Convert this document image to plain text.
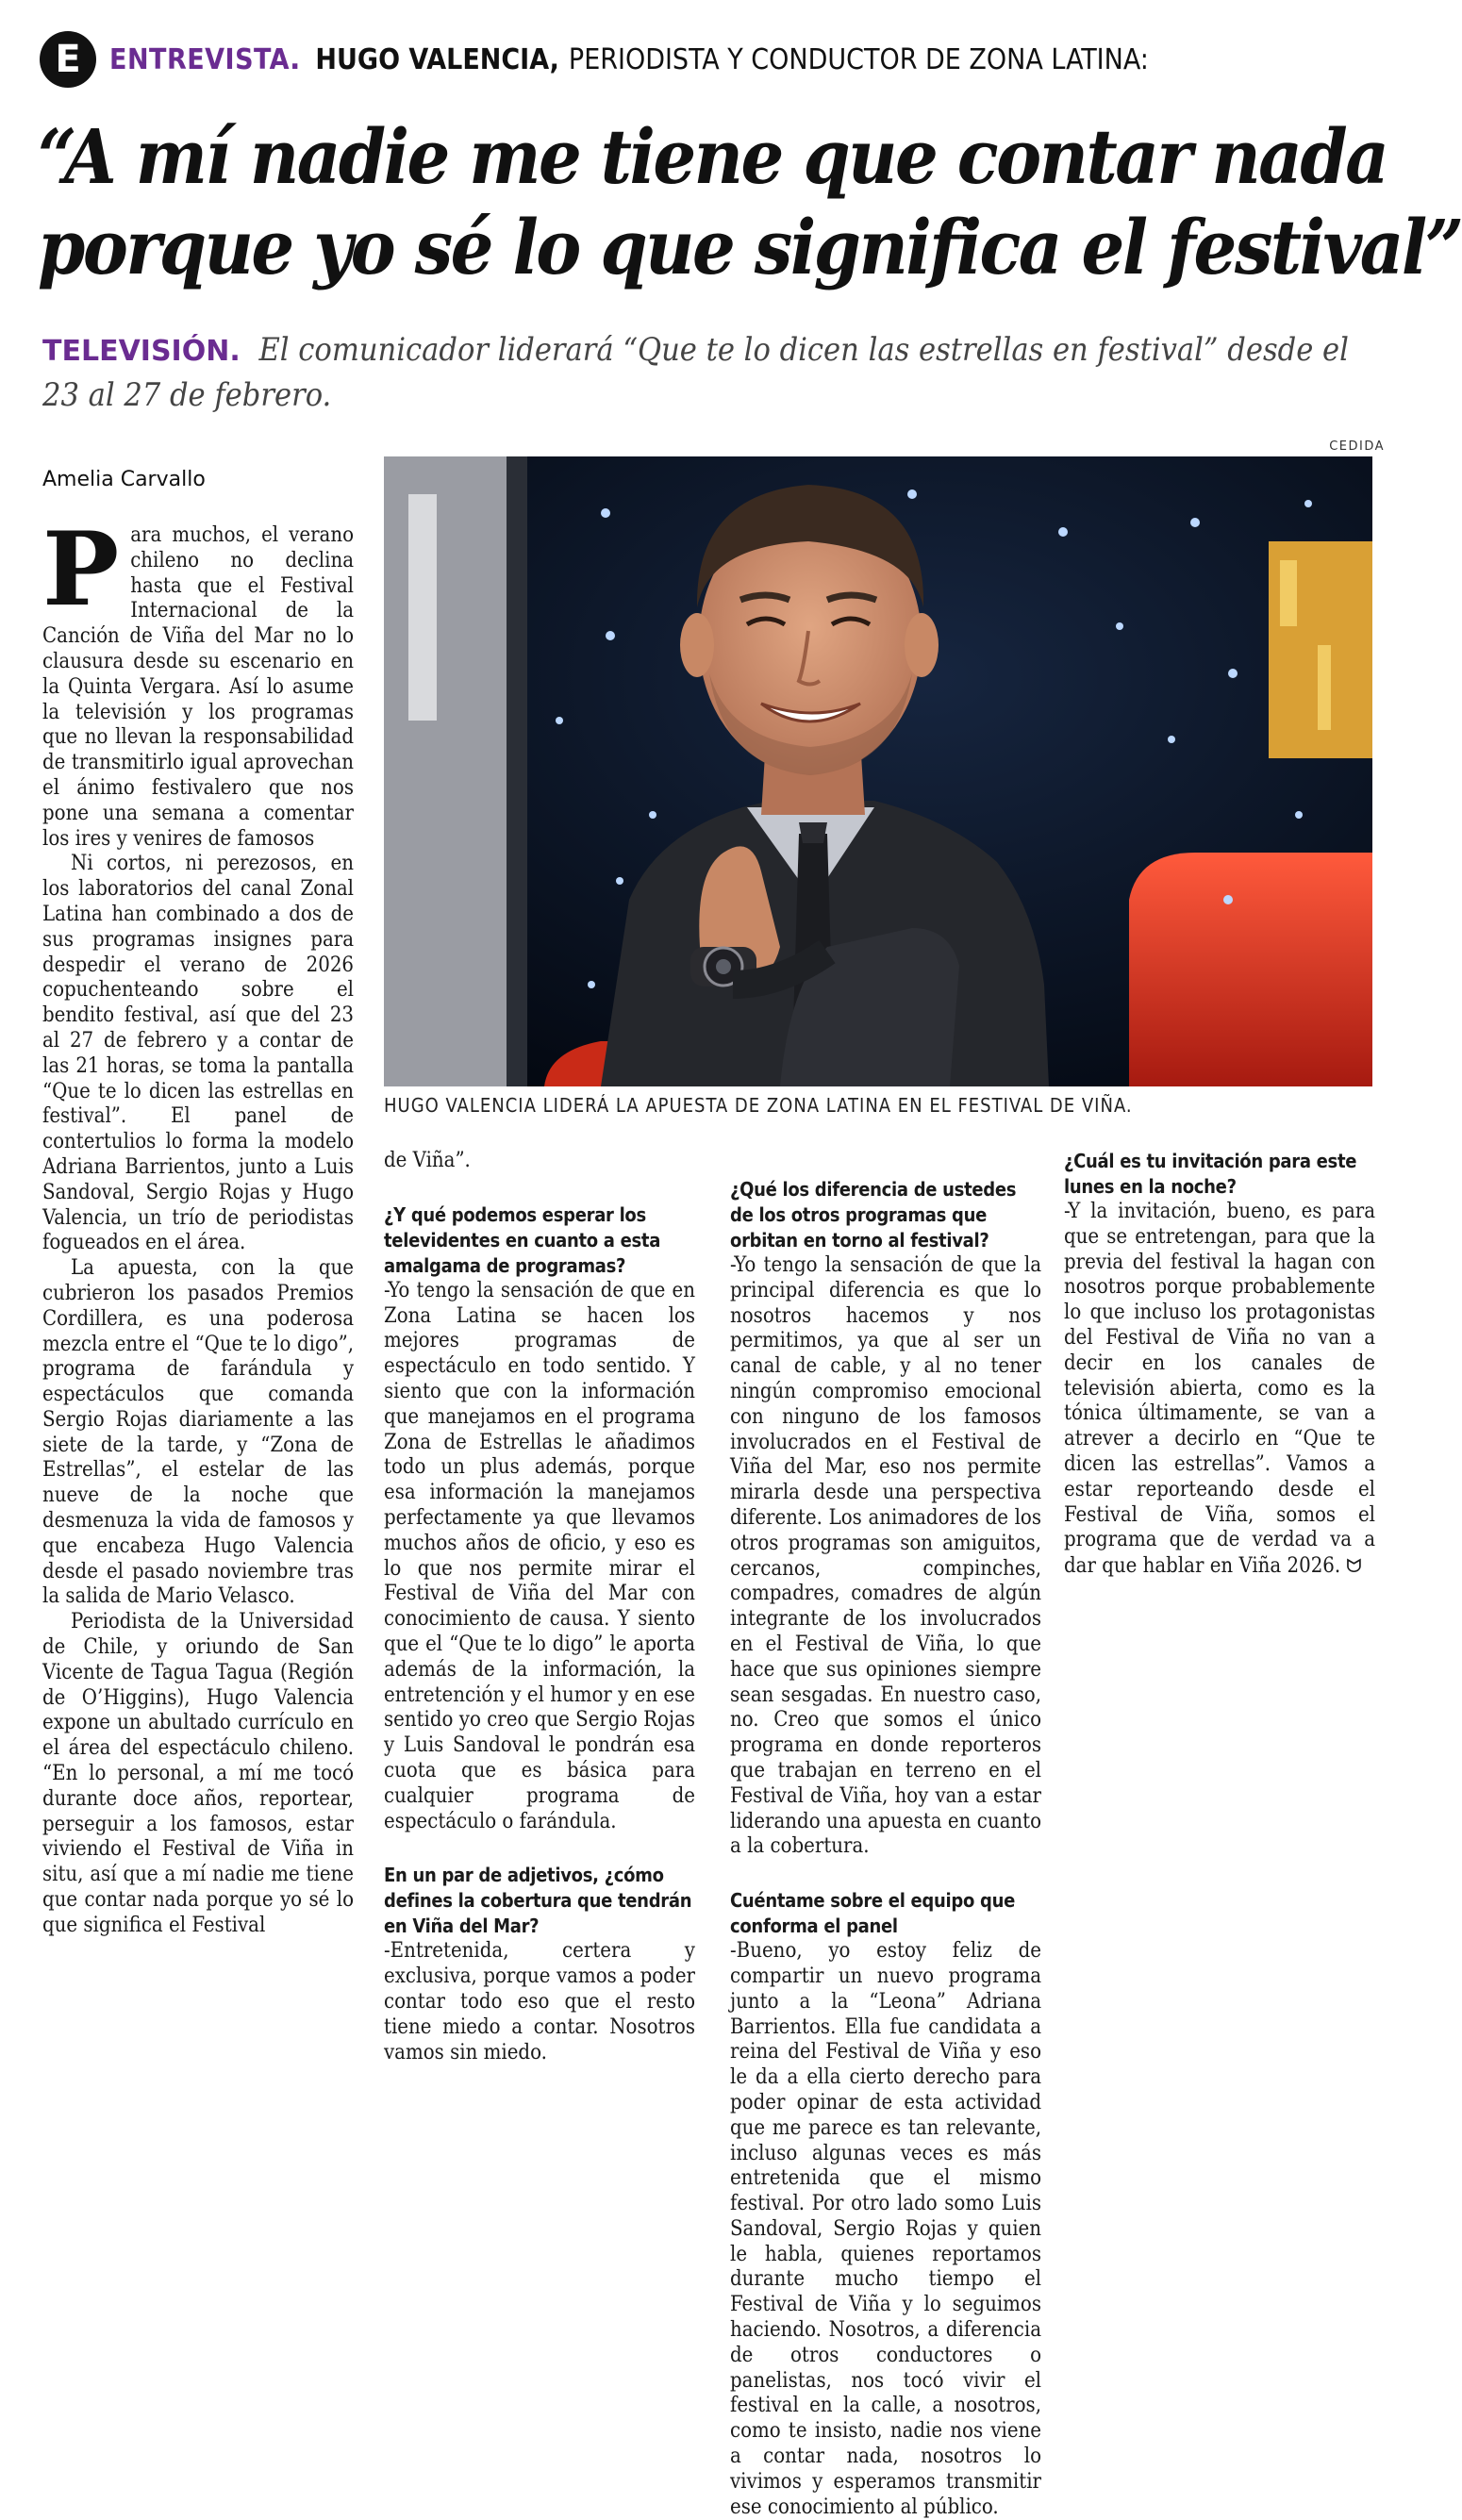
E	ENTREVISTA . HUGO VALENCIA, PERIODISTA Y CONDUCTOR DE ZONA LATINA:
“A mí nadie me tiene que contar nada
porque yo sé lo que significa el festival”
TELEVISIÓN. El comunicador liderará “Que te lo dicen las estrellas en festival” desde el 23 al 27 de febrero.
CEDIDA
HUGO VALENCIA LIDERÁ LA APUESTA DE ZONA LATINA EN EL FESTIVAL DE VIÑA.
Amelia Carvallo

Para muchos, el verano chileno no declina hasta que el Festival Internacional de la Canción de Viña del Mar no lo clausura desde su escenario en la Quinta Vergara. Así lo asume la televisión y los programas que no llevan la responsabilidad de transmitirlo igual aprovechan el ánimo festivalero que nos pone una semana a comentar los ires y venires de famosos

Ni cortos, ni perezosos, en los laboratorios del canal Zonal Latina han combinado a dos de sus programas insignes para despedir el verano de 2026 copuchenteando sobre el bendito festival, así que del 23 al 27 de febrero y a contar de las 21 horas, se toma la pantalla “Que te lo dicen las estrellas en festival”. El panel de contertulios lo forma la modelo Adriana Barrientos, junto a Luis Sandoval, Sergio Rojas y Hugo Valencia, un trío de periodistas fogueados en el área.

La apuesta, con la que cubrieron los pasados Premios Cordillera, es una poderosa mezcla entre el “Que te lo digo”, programa de farándula y espectáculos que comanda Sergio Rojas diariamente a las siete de la tarde, y “Zona de Estrellas”, el estelar de las nueve de la noche que desmenuza la vida de famosos y que encabeza Hugo Valencia desde el pasado noviembre tras la salida de Mario Velasco.

Periodista de la Universidad de Chile, y oriundo de San Vicente de Tagua Tagua (Región de O’Higgins), Hugo Valencia expone un abultado currículo en el área del espectáculo chileno. “En lo personal, a mí me tocó durante doce años, reportear, perseguir a los famosos, estar viviendo el Festival de Viña in situ, así que a mí nadie me tiene que contar nada porque yo sé lo que significa el Festival

de Viña”.

¿Y qué podemos esperar los televidentes en cuanto a esta amalgama de programas?

-Yo tengo la sensación de que en Zona Latina se hacen los mejores programas de espectáculo en todo sentido. Y siento que con la información que manejamos en el programa Zona de Estrellas le añadimos todo un plus además, porque esa información la manejamos perfectamente ya que llevamos muchos años de oficio, y eso es lo que nos permite mirar el Festival de Viña del Mar con conocimiento de causa. Y siento que el “Que te lo digo” le aporta además de la información, la entretención y el humor y en ese sentido yo creo que Sergio Rojas y Luis Sandoval le pondrán esa cuota que es básica para cualquier programa de espectáculo o farándula.

En un par de adjetivos, ¿cómo defines la cobertura que tendrán en Viña del Mar?

-Entretenida, certera y exclusiva, porque vamos a poder contar todo eso que el resto tiene miedo a contar. Nosotros vamos sin miedo.

¿Qué los diferencia de ustedes de los otros programas que orbitan en torno al festival?

-Yo tengo la sensación de que la principal diferencia es que lo nosotros hacemos y nos permitimos, ya que al ser un canal de cable, y al no tener ningún compromiso emocional con ninguno de los famosos involucrados en el Festival de Viña del Mar, eso nos permite mirarla desde una perspectiva diferente. Los animadores de los otros programas son amiguitos, cercanos, compinches, compadres, comadres de algún integrante de los involucrados en el Festival de Viña, lo que hace que sus opiniones siempre sean sesgadas. En nuestro caso, no. Creo que somos el único programa en donde reporteros que trabajan en terreno en el Festival de Viña, hoy van a estar liderando una apuesta en cuanto a la cobertura.

Cuéntame sobre el equipo que conforma el panel

-Bueno, yo estoy feliz de compartir un nuevo programa junto a la “Leona” Adriana Barrientos. Ella fue candidata a reina del Festival de Viña y eso le da a ella cierto derecho para poder opinar de esta actividad que me parece es tan relevante, incluso algunas veces es más entretenida que el mismo festival. Por otro lado somo Luis Sandoval, Sergio Rojas y quien le habla, quienes reportamos durante mucho tiempo el Festival de Viña y lo seguimos haciendo. Nosotros, a diferencia de otros conductores o panelistas, nos tocó vivir el festival en la calle, a nosotros, como te insisto, nadie nos viene a contar nada, nosotros lo vivimos y esperamos transmitir ese conocimiento al público.

¿Cuál es tu invitación para este lunes en la noche?

-Y la invitación, bueno, es para que se entretengan, para que la previa del festival la hagan con nosotros porque probablemente lo que incluso los protagonistas del Festival de Viña no van a decir en los canales de televisión abierta, como es la tónica últimamente, se van a atrever a decirlo en “Que te dicen las estrellas”. Vamos a estar reporteando desde el Festival de Viña, somos el programa que de verdad va a dar que hablar en Viña 2026. ᗢ
